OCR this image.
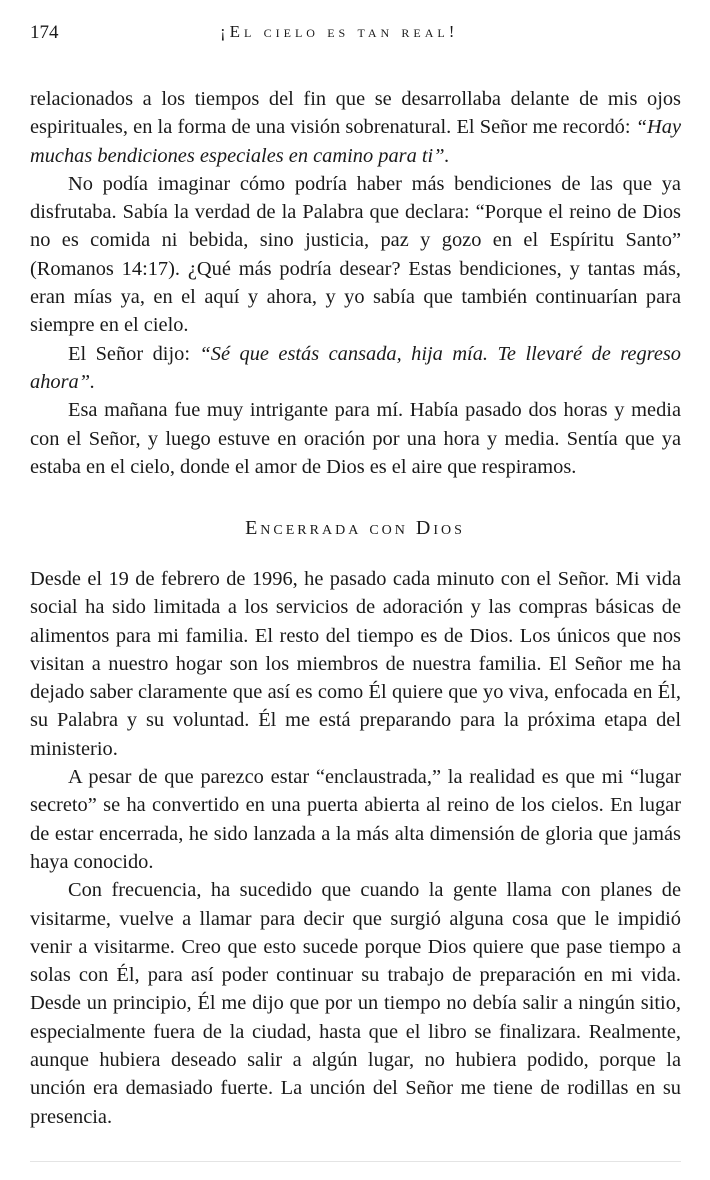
174	¡El cielo es tan real!

relacionados a los tiempos del fin que se desarrollaba delante de mis ojos espirituales, en la forma de una visión sobrenatural. El Señor me recordó: “Hay muchas bendiciones especiales en camino para ti”.

No podía imaginar cómo podría haber más bendiciones de las que ya disfrutaba. Sabía la verdad de la Palabra que declara: “Porque el reino de Dios no es comida ni bebida, sino justicia, paz y gozo en el Espíritu Santo” (Romanos 14:17). ¿Qué más podría desear? Estas bendiciones, y tantas más, eran mías ya, en el aquí y ahora, y yo sabía que también continuarían para siempre en el cielo.

El Señor dijo: “Sé que estás cansada, hija mía. Te llevaré de regreso ahora”.

Esa mañana fue muy intrigante para mí. Había pasado dos horas y media con el Señor, y luego estuve en oración por una hora y media. Sentía que ya estaba en el cielo, donde el amor de Dios es el aire que respiramos.

Encerrada con Dios

Desde el 19 de febrero de 1996, he pasado cada minuto con el Señor. Mi vida social ha sido limitada a los servicios de adoración y las compras básicas de alimentos para mi familia. El resto del tiempo es de Dios. Los únicos que nos visitan a nuestro hogar son los miembros de nuestra familia. El Señor me ha dejado saber claramente que así es como Él quiere que yo viva, enfocada en Él, su Palabra y su voluntad. Él me está preparando para la próxima etapa del ministerio.

A pesar de que parezco estar “enclaustrada,” la realidad es que mi “lugar secreto” se ha convertido en una puerta abierta al reino de los cielos. En lugar de estar encerrada, he sido lanzada a la más alta dimensión de gloria que jamás haya conocido.

Con frecuencia, ha sucedido que cuando la gente llama con planes de visitarme, vuelve a llamar para decir que surgió alguna cosa que le impidió venir a visitarme. Creo que esto sucede porque Dios quiere que pase tiempo a solas con Él, para así poder continuar su trabajo de preparación en mi vida. Desde un principio, Él me dijo que por un tiempo no debía salir a ningún sitio, especialmente fuera de la ciudad, hasta que el libro se finalizara. Realmente, aunque hubiera deseado salir a algún lugar, no hubiera podido, porque la unción era demasiado fuerte. La unción del Señor me tiene de rodillas en su presencia.
